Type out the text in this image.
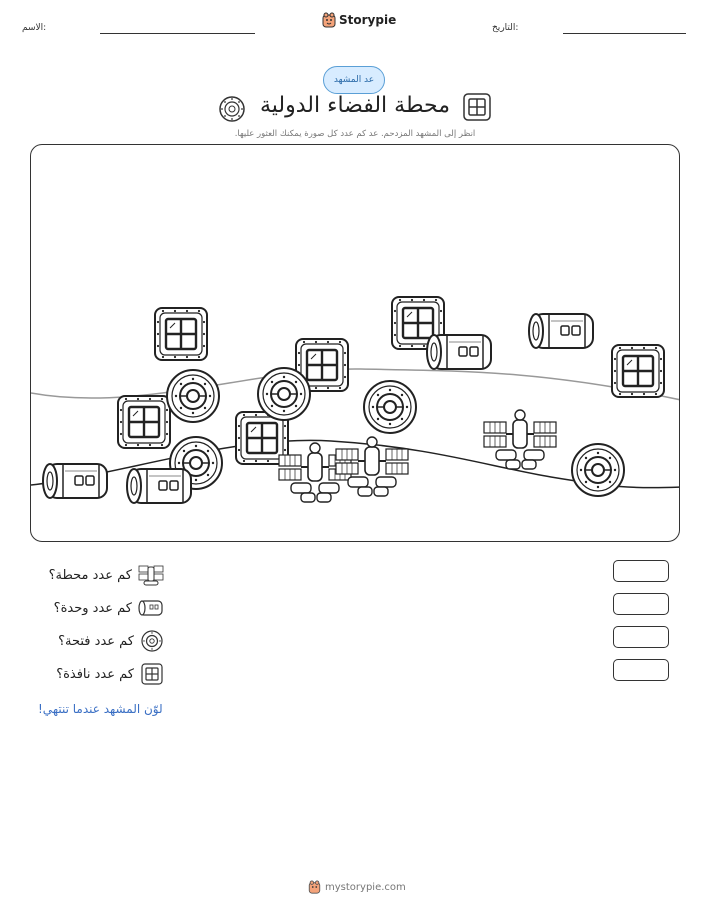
الاسم:
Storypie
التاريخ:
عد المشهد
محطة الفضاء الدولية
انظر إلى المشهد المزدحم. عد كم عدد كل صورة يمكنك العثور عليها.
كم عدد محطة؟
كم عدد وحدة؟
كم عدد فتحة؟
كم عدد نافذة؟
لوّن المشهد عندما تنتهي!
mystorypie.com
